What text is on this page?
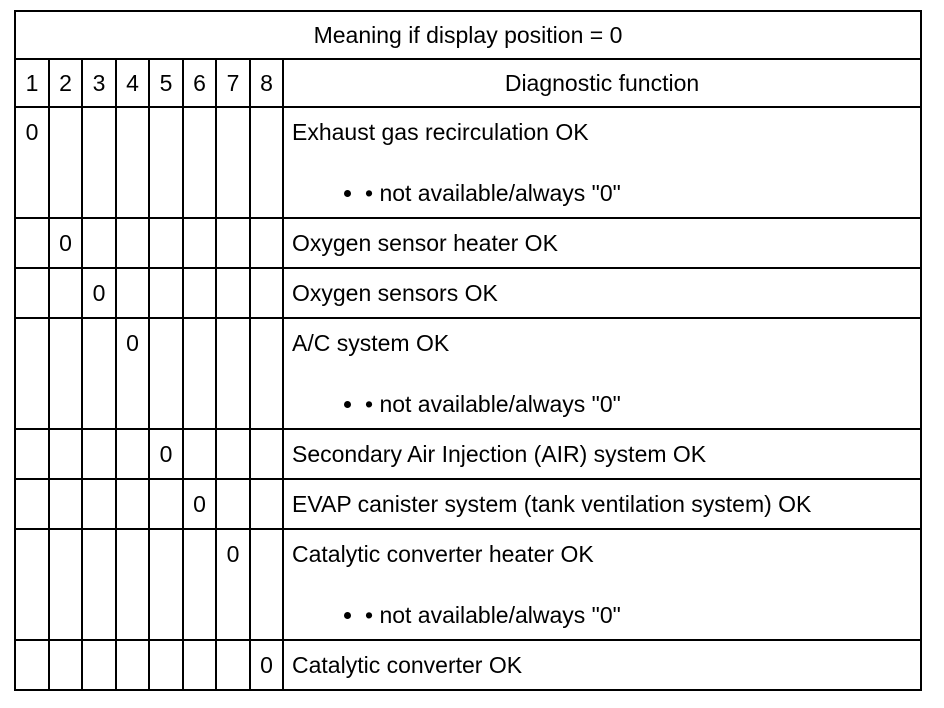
Meaning if display position = 0								
1	2	3	4	5	6	7	8	Diagnostic function
0								Exhaust gas recirculation OK
• not available/always "0"

	0							Oxygen sensor heater OK

		0						Oxygen sensors OK

			0					A/C system OK
• not available/always "0"

				0				Secondary Air Injection (AIR) system OK

					0			EVAP canister system (tank ventilation system) OK

						0		Catalytic converter heater OK
• not available/always "0"

							0	Catalytic converter OK
